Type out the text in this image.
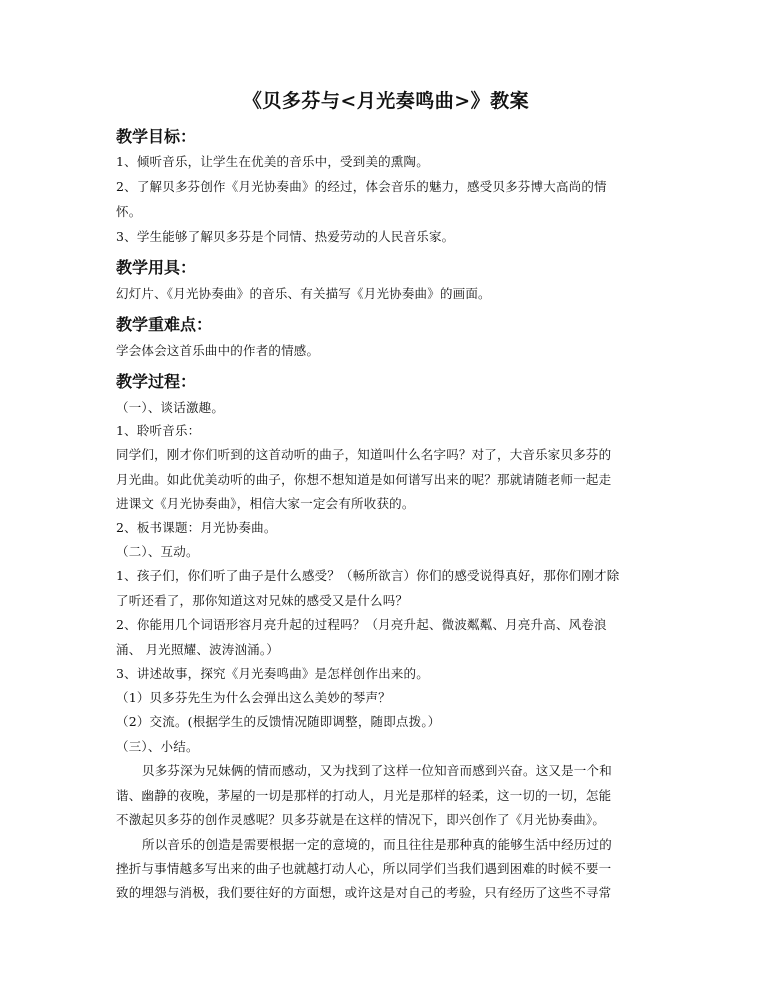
《贝多芬与<月光奏鸣曲>》教案
教学目标：
1、倾听音乐，让学生在优美的音乐中，受到美的熏陶。
2、了解贝多芬创作《月光协奏曲》的经过，体会音乐的魅力，感受贝多芬博大高尚的情
怀。
3、学生能够了解贝多芬是个同情、热爱劳动的人民音乐家。
教学用具：
幻灯片、《月光协奏曲》的音乐、有关描写《月光协奏曲》的画面。
教学重难点：
学会体会这首乐曲中的作者的情感。
教学过程：
（一）、谈话激趣。
1、聆听音乐：
同学们，刚才你们听到的这首动听的曲子，知道叫什么名字吗？对了，大音乐家贝多芬的
月光曲。如此优美动听的曲子，你想不想知道是如何谱写出来的呢？那就请随老师一起走
进课文《月光协奏曲》，相信大家一定会有所收获的。
2、板书课题：月光协奏曲。
（二）、互动。
1、孩子们，你们听了曲子是什么感受？（畅所欲言）你们的感受说得真好，那你们刚才除
了听还看了，那你知道这对兄妹的感受又是什么吗？
2、你能用几个词语形容月亮升起的过程吗？（月亮升起、微波粼粼、月亮升高、风卷浪
涌、 月光照耀、波涛汹涌。）
3、讲述故事，探究《月光奏鸣曲》是怎样创作出来的。
（1）贝多芬先生为什么会弹出这么美妙的琴声？
（2）交流。(根据学生的反馈情况随即调整，随即点拨。）
（三）、小结。
贝多芬深为兄妹俩的情而感动，又为找到了这样一位知音而感到兴奋。这又是一个和
谐、幽静的夜晚，茅屋的一切是那样的打动人，月光是那样的轻柔，这一切的一切，怎能
不激起贝多芬的创作灵感呢？贝多芬就是在这样的情况下，即兴创作了《月光协奏曲》。
所以音乐的创造是需要根据一定的意境的，而且往往是那种真的能够生活中经历过的
挫折与事情越多写出来的曲子也就越打动人心，所以同学们当我们遇到困难的时候不要一
致的埋怨与消极，我们要往好的方面想，或许这是对自己的考验，只有经历了这些不寻常
